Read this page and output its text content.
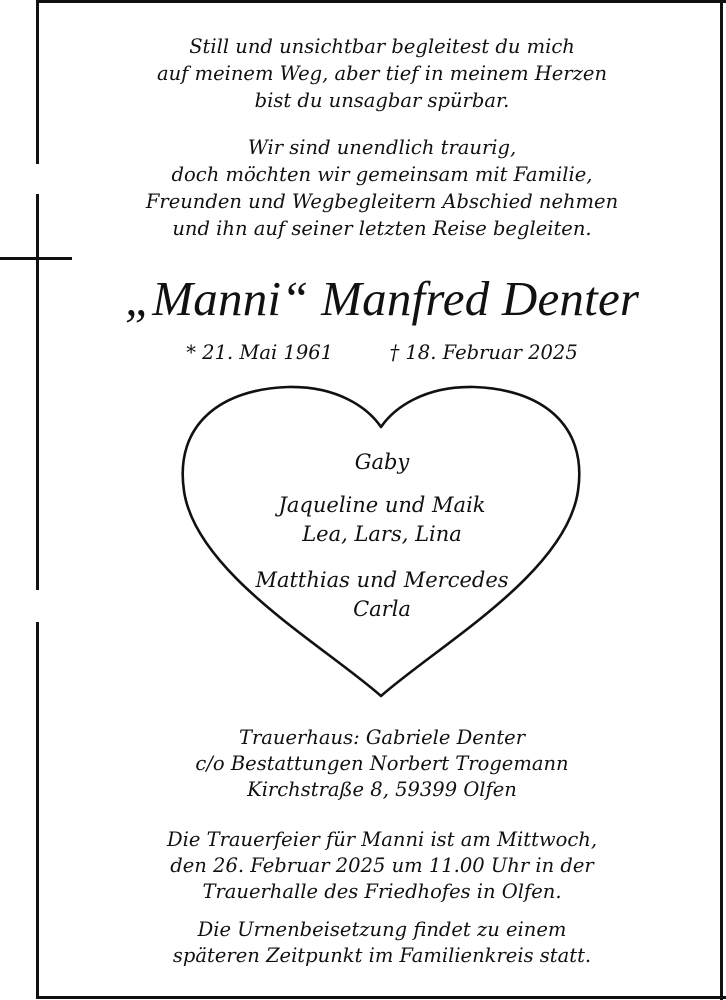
Still und unsichtbar begleitest du mich
auf meinem Weg, aber tief in meinem Herzen
bist du unsagbar spürbar.
Wir sind unendlich traurig,
doch möchten wir gemeinsam mit Familie,
Freunden und Wegbegleitern Abschied nehmen
und ihn auf seiner letzten Reise begleiten.
„Manni“ Manfred Denter
* 21. Mai 1961	† 18. Februar 2025
Gaby
Jaqueline und Maik
Lea, Lars, Lina
Matthias und Mercedes
Carla
Trauerhaus: Gabriele Denter
c/o Bestattungen Norbert Trogemann
Kirchstraße 8, 59399 Olfen
Die Trauerfeier für Manni ist am Mittwoch,
den 26. Februar 2025 um 11.00 Uhr in der
Trauerhalle des Friedhofes in Olfen.
Die Urnenbeisetzung findet zu einem
späteren Zeitpunkt im Familienkreis statt.
